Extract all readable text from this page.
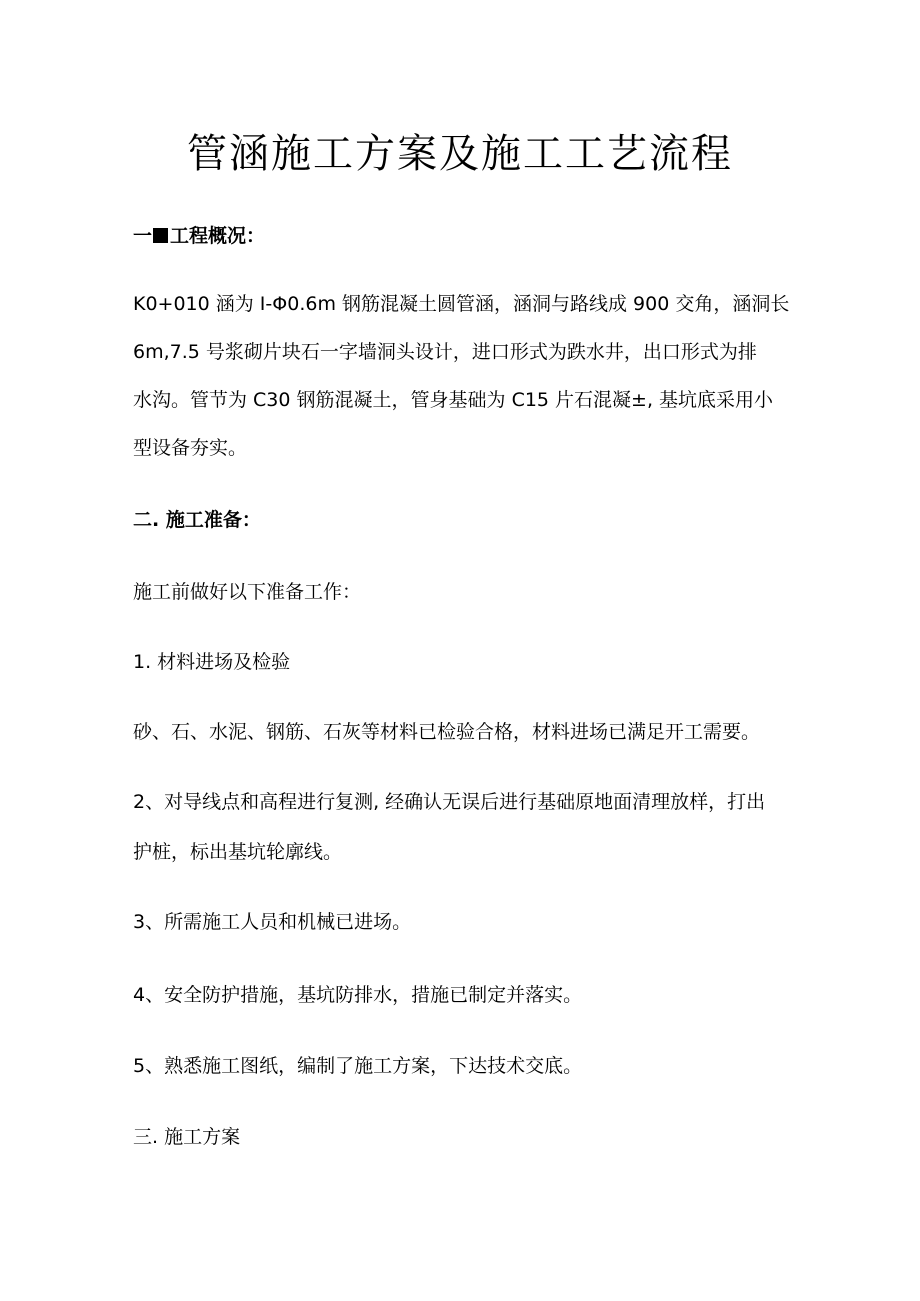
管涵施工方案及施工工艺流程
一 工程概况：
K0+010 涵为 I-Φ0.6m 钢筋混凝土圆管涵，涵洞与路线成 900 交角，涵洞长
6m,7.5 号浆砌片块石一字墙洞头设计，进口形式为跌水井，出口形式为排
水沟。管节为 C30 钢筋混凝土，管身基础为 C15 片石混凝±, 基坑底采用小
型设备夯实。
二. 施工准备：
施工前做好以下准备工作：
1. 材料进场及检验
砂、石、水泥、钢筋、石灰等材料已检验合格，材料进场已满足开工需要。
2、对导线点和高程进行复测, 经确认无误后进行基础原地面清理放样，打出
护桩，标出基坑轮廓线。
3、所需施工人员和机械已进场。
4、安全防护措施，基坑防排水，措施已制定并落实。
5、熟悉施工图纸，编制了施工方案，下达技术交底。
三. 施工方案
